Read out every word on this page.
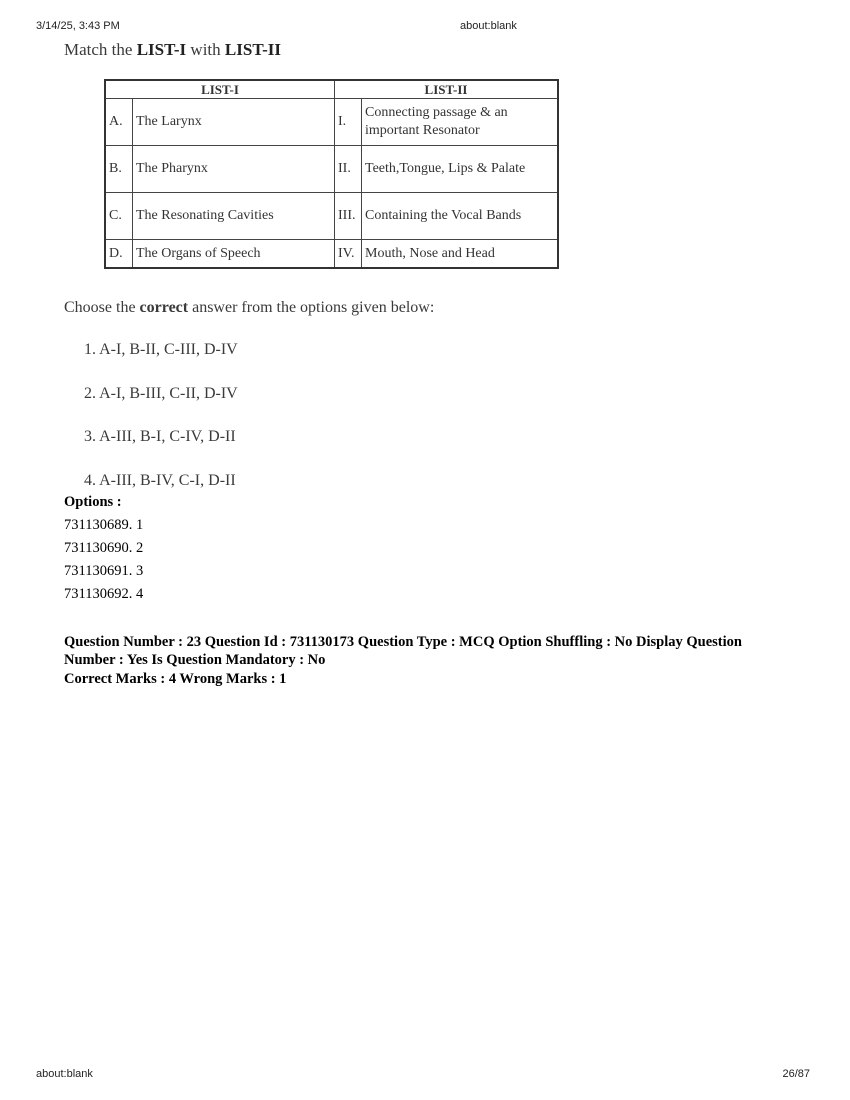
3/14/25, 3:43 PM	about:blank
Match the LIST-I with LIST-II
LIST-I		LIST-II	
A.	The Larynx	I.	Connecting passage & an important Resonator
B.	The Pharynx	II.	Teeth,Tongue, Lips & Palate
C.	The Resonating Cavities	III.	Containing the Vocal Bands
D.	The Organs of Speech	IV.	Mouth, Nose and Head
Choose the correct answer from the options given below:
1. A-I, B-II, C-III, D-IV
2. A-I, B-III, C-II, D-IV
3. A-III, B-I, C-IV, D-II
4. A-III, B-IV, C-I, D-II
Options :
731130689. 1
731130690. 2
731130691. 3
731130692. 4
Question Number : 23 Question Id : 731130173 Question Type : MCQ Option Shuffling : No Display Question Number : Yes Is Question Mandatory : No
Correct Marks : 4 Wrong Marks : 1
about:blank	26/87
